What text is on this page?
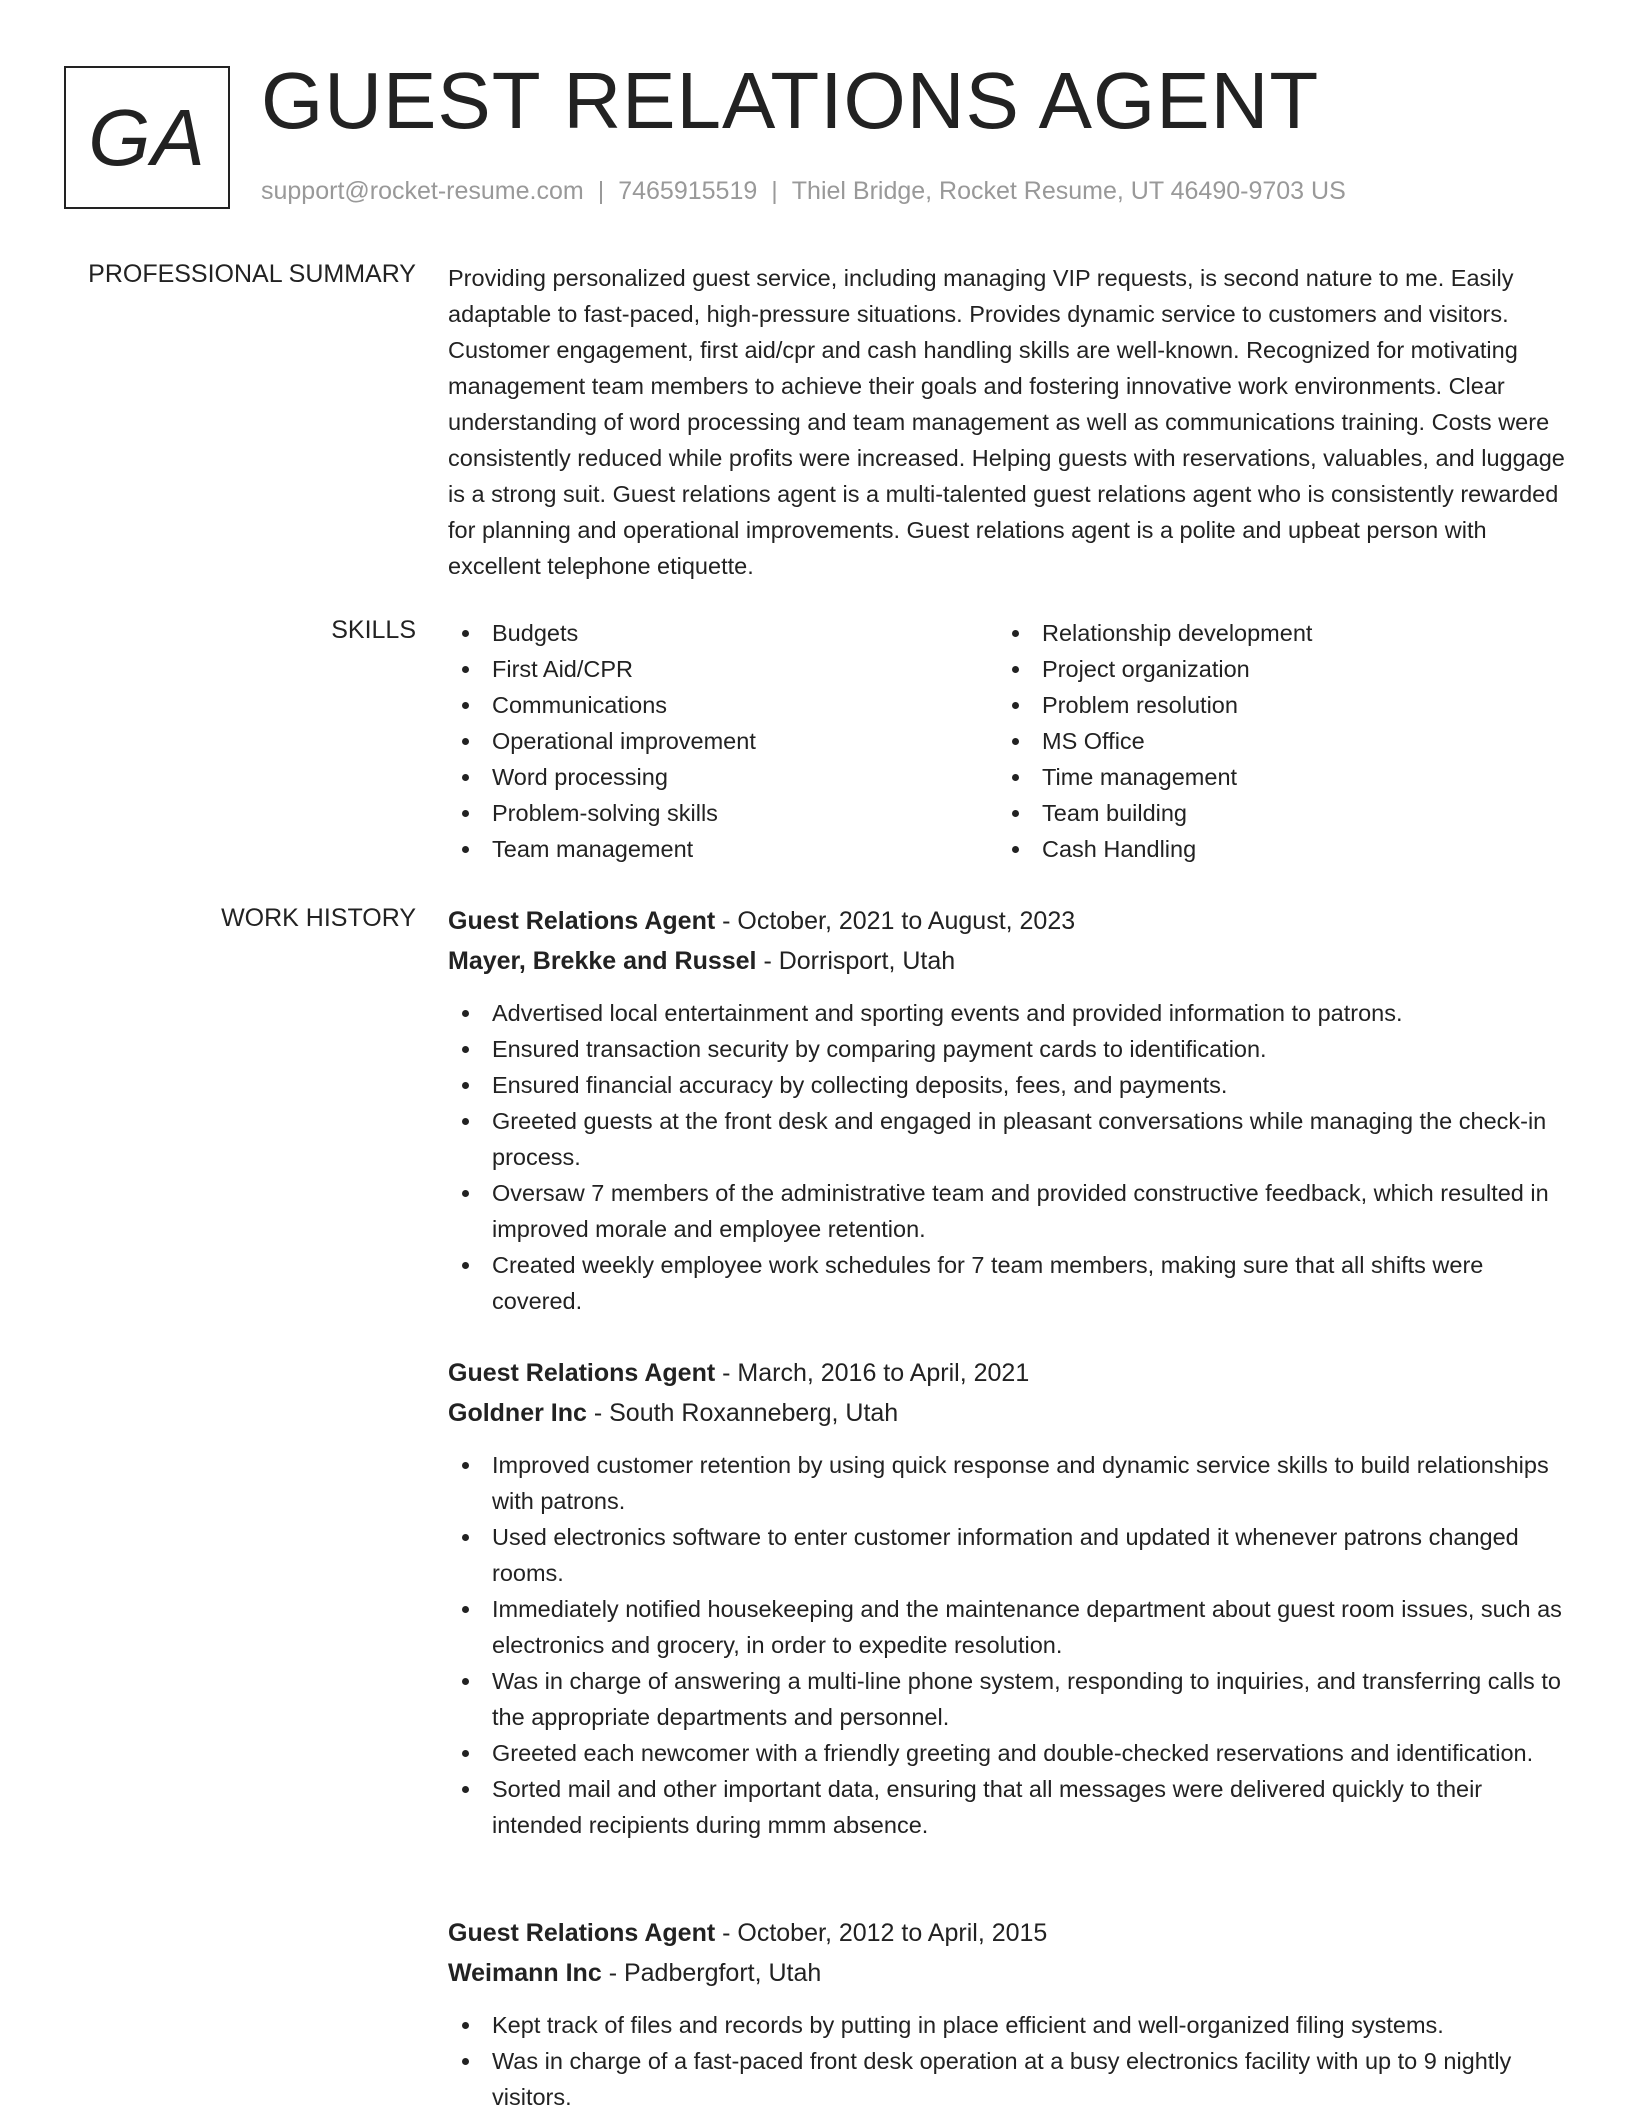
GA GUEST RELATIONS AGENT
support@rocket-resume.com | 7465915519 | Thiel Bridge, Rocket Resume, UT 46490-9703 US
PROFESSIONAL SUMMARY Providing personalized guest service, including managing VIP requests, is second nature to me. Easily adaptable to fast-paced, high-pressure situations. Provides dynamic service to customers and visitors. Customer engagement, first aid/cpr and cash handling skills are well-known. Recognized for motivating management team members to achieve their goals and fostering innovative work environments. Clear understanding of word processing and team management as well as communications training. Costs were consistently reduced while profits were increased. Helping guests with reservations, valuables, and luggage is a strong suit. Guest relations agent is a multi-talented guest relations agent who is consistently rewarded for planning and operational improvements. Guest relations agent is a polite and upbeat person with excellent telephone etiquette.

SKILLS	Budgets
First Aid/CPR
Communications
Operational improvement
Word processing
Problem-solving skills
Team management
Relationship development
Project organization
Problem resolution
MS Office
Time management
Team building
Cash Handling
WORK HISTORY Guest Relations Agent - October, 2021 to August, 2023
Mayer, Brekke and Russel - Dorrisport, Utah
Advertised local entertainment and sporting events and provided information to patrons.
Ensured transaction security by comparing payment cards to identification.
Ensured financial accuracy by collecting deposits, fees, and payments.
Greeted guests at the front desk and engaged in pleasant conversations while managing the check-in process.
Oversaw 7 members of the administrative team and provided constructive feedback, which resulted in improved morale and employee retention.
Created weekly employee work schedules for 7 team members, making sure that all shifts were covered.
Guest Relations Agent - March, 2016 to April, 2021
Goldner Inc - South Roxanneberg, Utah
Improved customer retention by using quick response and dynamic service skills to build relationships with patrons.
Used electronics software to enter customer information and updated it whenever patrons changed rooms.
Immediately notified housekeeping and the maintenance department about guest room issues, such as electronics and grocery, in order to expedite resolution.
Was in charge of answering a multi-line phone system, responding to inquiries, and transferring calls to the appropriate departments and personnel.
Greeted each newcomer with a friendly greeting and double-checked reservations and identification.
Sorted mail and other important data, ensuring that all messages were delivered quickly to their intended recipients during mmm absence.
Guest Relations Agent - October, 2012 to April, 2015
Weimann Inc - Padbergfort, Utah
Kept track of files and records by putting in place efficient and well-organized filing systems.
Was in charge of a fast-paced front desk operation at a busy electronics facility with up to 9 nightly visitors.
